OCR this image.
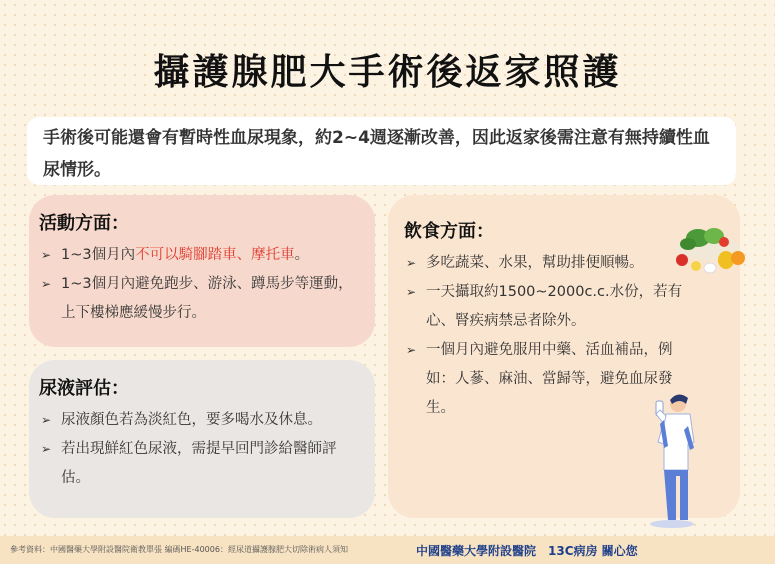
攝護腺肥大手術後返家照護
手術後可能還會有暫時性血尿現象，約2~4週逐漸改善，因此返家後需注意有無持續性血尿情形。
活動方面：
➢ 1~3個月內不可以騎腳踏車、摩托車。
➢ 1~3個月內避免跑步、游泳、蹲馬步等運動，上下樓梯應緩慢步行。
尿液評估：
➢ 尿液顏色若為淡紅色，要多喝水及休息。
➢ 若出現鮮紅色尿液，需提早回門診給醫師評估。
飲食方面：
➢ 多吃蔬菜、水果，幫助排便順暢。
➢ 一天攝取約1500~2000c.c.水份，若有心、腎疾病禁忌者除外。
➢ 一個月內避免服用中藥、活血補品，例如：人蔘、麻油、當歸等，避免血尿發生。
參考資料：中國醫藥大學附設醫院衛教單張 編碼HE-40006：經尿道攝護腺肥大切除術病人須知	中國醫藥大學附設醫院　13C病房 關心您
